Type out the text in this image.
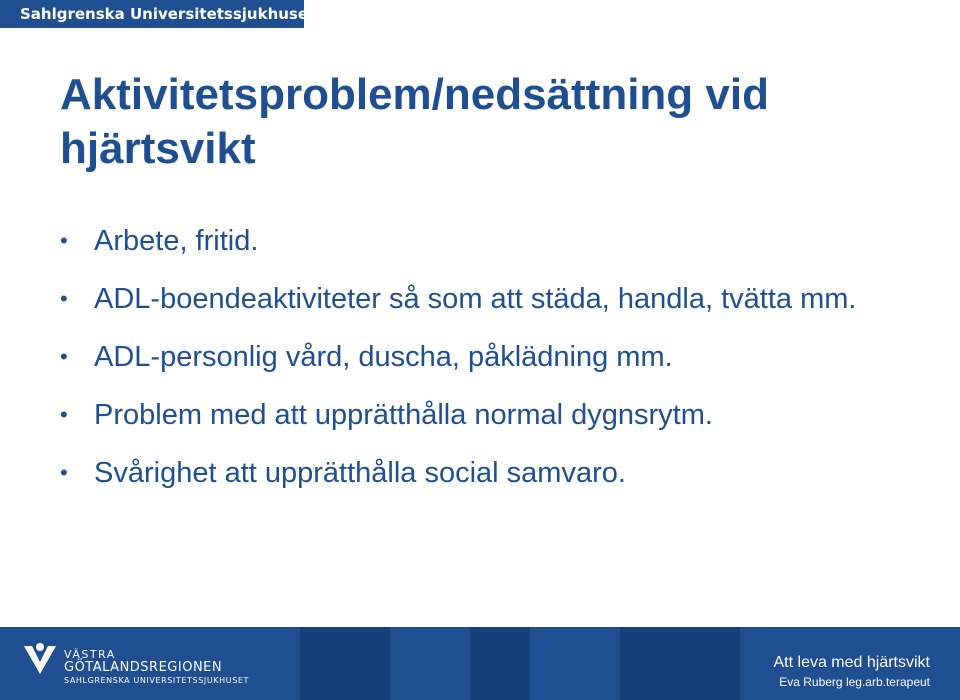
Sahlgrenska Universitetssjukhuset
Aktivitetsproblem/nedsättning vid hjärtsvikt
• Arbete, fritid.
• ADL-boendeaktiviteter så som att städa, handla, tvätta mm.
• ADL-personlig vård, duscha, påklädning mm.
• Problem med att upprätthålla normal dygnsrytm.
• Svårighet att upprätthålla social samvaro.
VÄSTRA
GÖTALANDSREGIONEN
SAHLGRENSKA UNIVERSITETSSJUKHUSET
Att leva med hjärtsvikt
Eva Ruberg leg.arb.terapeut
